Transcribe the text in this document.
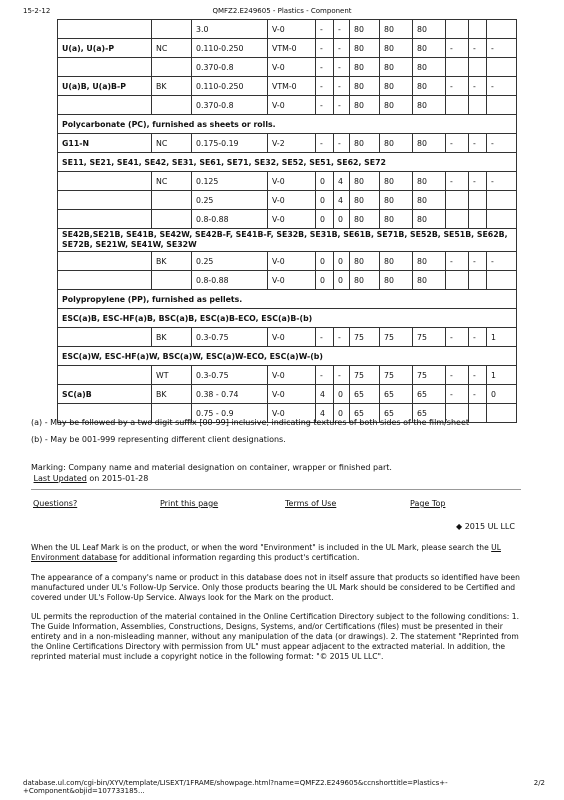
15-2-12	QMFZ2.E249605 - Plastics - Component
		3.0	V-0	-	-	80	80	80			
U(a), U(a)-P	NC	0.110-0.250	VTM-0	-	-	80	80	80	-	-	-
		0.370-0.8	V-0	-	-	80	80	80			
U(a)B, U(a)B-P	BK	0.110-0.250	VTM-0	-	-	80	80	80	-	-	-
		0.370-0.8	V-0	-	-	80	80	80			
Polycarbonate (PC), furnished as sheets or rolls.											
G11-N	NC	0.175-0.19	V-2	-	-	80	80	80	-	-	-
SE11, SE21, SE41, SE42, SE31, SE61, SE71, SE32, SE52, SE51, SE62, SE72											
	NC	0.125	V-0	0	4	80	80	80	-	-	-
		0.25	V-0	0	4	80	80	80			
		0.8-0.88	V-0	0	0	80	80	80			
SE42B,SE21B, SE41B, SE42W, SE42B-F, SE41B-F, SE32B, SE31B, SE61B, SE71B, SE52B, SE51B, SE62B, SE72B, SE21W, SE41W, SE32W											
	BK	0.25	V-0	0	0	80	80	80	-	-	-
		0.8-0.88	V-0	0	0	80	80	80			
Polypropylene (PP), furnished as pellets.											
ESC(a)B, ESC-HF(a)B, BSC(a)B, ESC(a)B-ECO, ESC(a)B-(b)											
	BK	0.3-0.75	V-0	-	-	75	75	75	-	-	1
ESC(a)W, ESC-HF(a)W, BSC(a)W, ESC(a)W-ECO, ESC(a)W-(b)											
	WT	0.3-0.75	V-0	-	-	75	75	75	-	-	1
SC(a)B	BK	0.38 - 0.74	V-0	4	0	65	65	65	-	-	0
		0.75 - 0.9	V-0	4	0	65	65	65			
(a) - May be followed by a two digit suffix [00-99] inclusive, indicating textures of both sides of the film/sheet
(b) - May be 001-999 representing different client designations.
Marking: Company name and material designation on container, wrapper or finished part.
Last Updated on 2015-01-28
Questions?	Print this page	Terms of Use	Page Top
◆ 2015 UL LLC
When the UL Leaf Mark is on the product, or when the word "Environment" is included in the UL Mark, please search the UL Environment database for additional information regarding this product's certification.
The appearance of a company's name or product in this database does not in itself assure that products so identified have been manufactured under UL's Follow-Up Service. Only those products bearing the UL Mark should be considered to be Certified and covered under UL's Follow-Up Service. Always look for the Mark on the product.
UL permits the reproduction of the material contained in the Online Certification Directory subject to the following conditions: 1. The Guide Information, Assemblies, Constructions, Designs, Systems, and/or Certifications (files) must be presented in their entirety and in a non-misleading manner, without any manipulation of the data (or drawings). 2. The statement "Reprinted from the Online Certifications Directory with permission from UL" must appear adjacent to the extracted material. In addition, the reprinted material must include a copyright notice in the following format: "© 2015 UL LLC".
database.ul.com/cgi-bin/XYV/template/LISEXT/1FRAME/showpage.html?name=QMFZ2.E249605&ccnshorttitle=Plastics+-+Component&objid=107733185...
2/2
